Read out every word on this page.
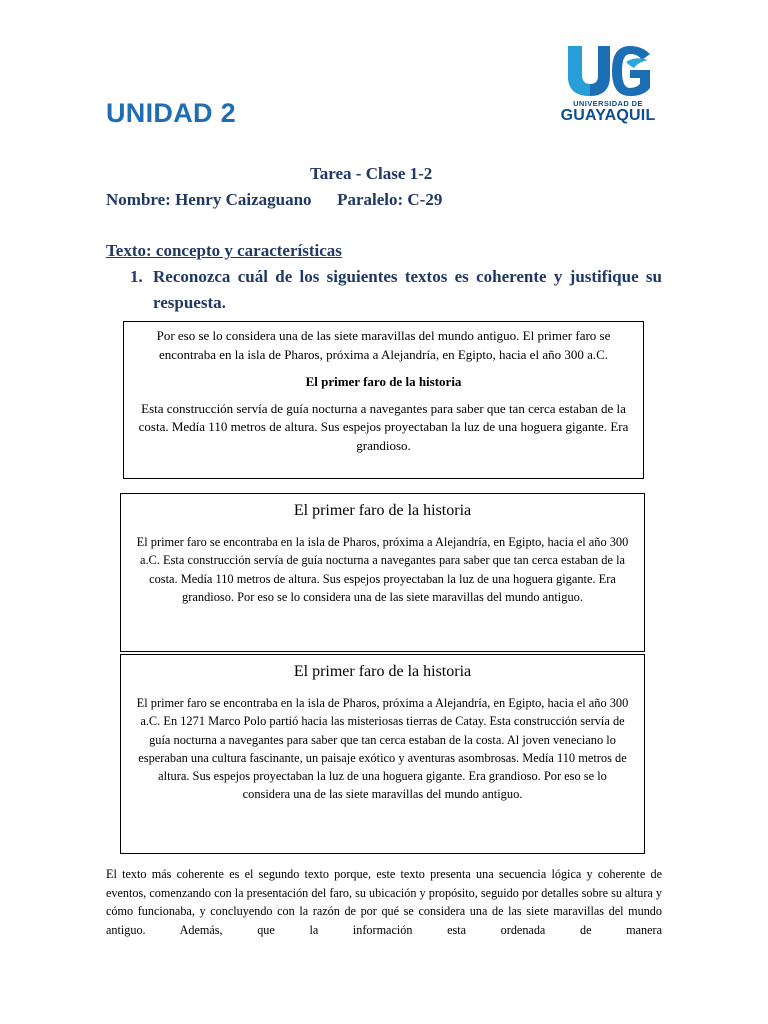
UNIDAD 2	UNIVERSIDAD DE
GUAYAQUIL
Tarea - Clase 1-2
Nombre: Henry Caizaguano Paralelo: C-29
Texto: concepto y características
1. Reconozca cuál de los siguientes textos es coherente y justifique su respuesta.

Por eso se lo considera una de las siete maravillas del mundo antiguo. El primer faro se encontraba en la isla de Pharos, próxima a Alejandría, en Egipto, hacia el año 300 a.C.

El primer faro de la historia

Esta construcción servía de guía nocturna a navegantes para saber que tan cerca estaban de la costa. Medía 110 metros de altura. Sus espejos proyectaban la luz de una hoguera gigante. Era grandioso.

El primer faro de la historia

El primer faro se encontraba en la isla de Pharos, próxima a Alejandría, en Egipto, hacia el año 300 a.C. Esta construcción servía de guía nocturna a navegantes para saber que tan cerca estaban de la costa. Medía 110 metros de altura. Sus espejos proyectaban la luz de una hoguera gigante. Era grandioso. Por eso se lo considera una de las siete maravillas del mundo antiguo.

El primer faro de la historia

El primer faro se encontraba en la isla de Pharos, próxima a Alejandría, en Egipto, hacia el año 300 a.C. En 1271 Marco Polo partió hacia las misteriosas tierras de Catay. Esta construcción servía de guía nocturna a navegantes para saber que tan cerca estaban de la costa. Al joven veneciano lo esperaban una cultura fascinante, un paisaje exótico y aventuras asombrosas. Medía 110 metros de altura. Sus espejos proyectaban la luz de una hoguera gigante. Era grandioso. Por eso se lo considera una de las siete maravillas del mundo antiguo.

El texto más coherente es el segundo texto porque, este texto presenta una secuencia lógica y coherente de eventos, comenzando con la presentación del faro, su ubicación y propósito, seguido por detalles sobre su altura y cómo funcionaba, y concluyendo con la razón de por qué se considera una de las siete maravillas del mundo antiguo. Además, que la información esta ordenada de manera
